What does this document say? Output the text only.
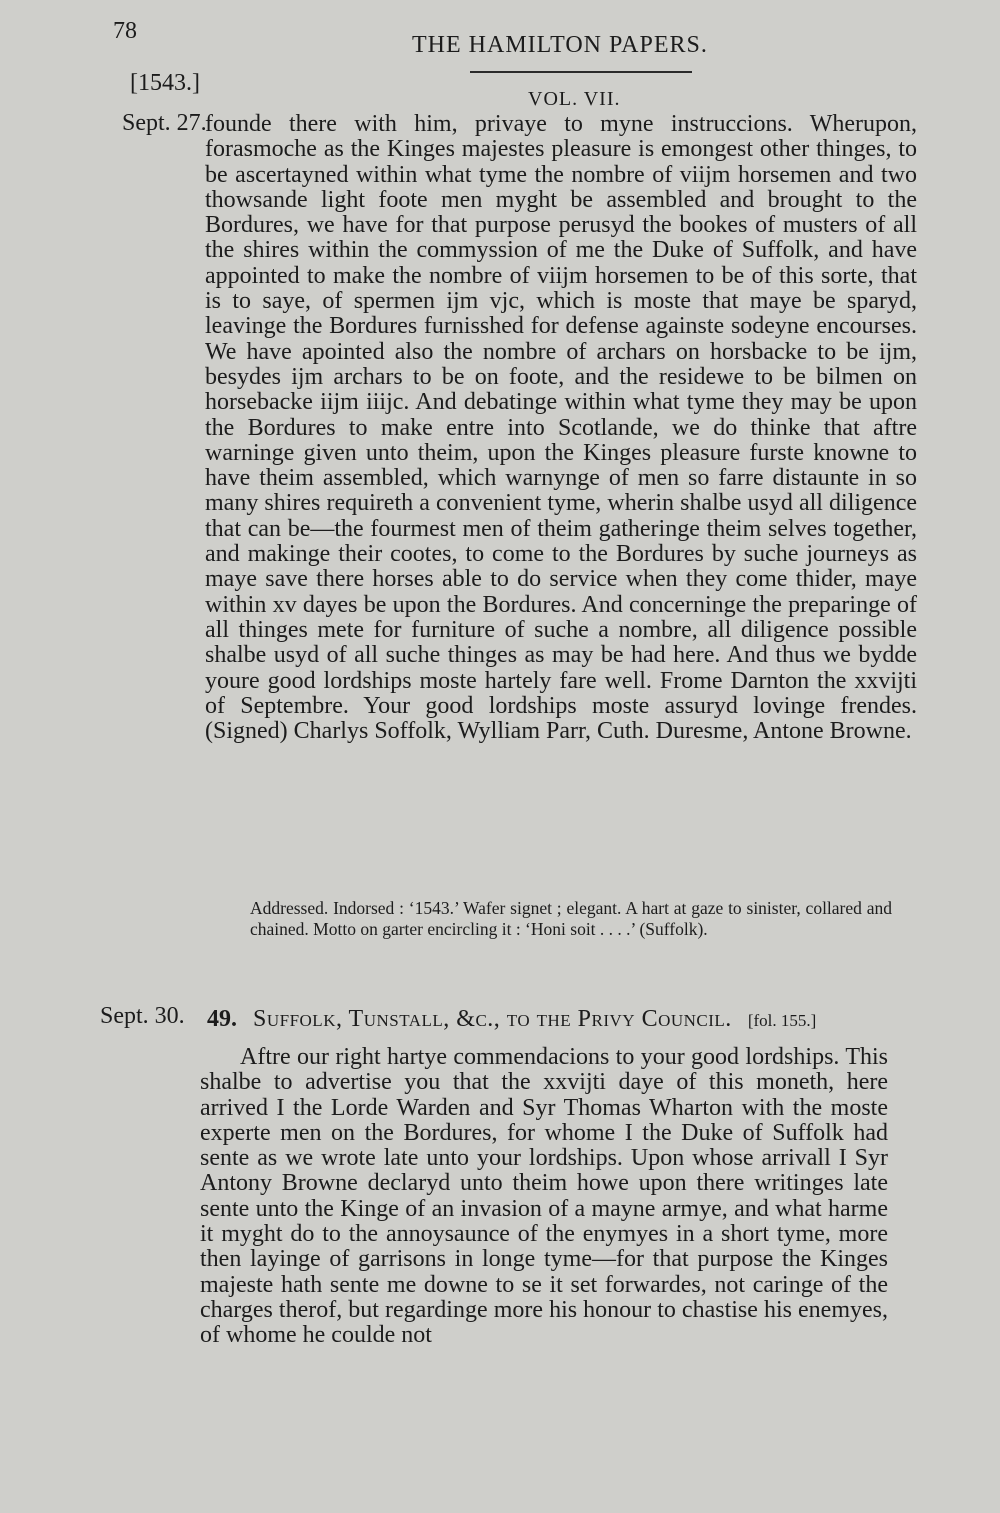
78
THE HAMILTON PAPERS.
[1543.]
VOL. VII.
Sept. 27.
founde there with him, privaye to myne instruccions. Wherupon, forasmoche as the Kinges majestes pleasure is emongest other thinges, to be ascertayned within what tyme the nombre of viijm horsemen and two thowsande light foote men myght be assembled and brought to the Bordures, we have for that purpose perusyd the bookes of musters of all the shires within the commyssion of me the Duke of Suffolk, and have appointed to make the nombre of viijm horsemen to be of this sorte, that is to saye, of spermen ijm vjc, which is moste that maye be sparyd, leavinge the Bordures furnisshed for defense againste sodeyne encourses. We have apointed also the nombre of archars on horsbacke to be ijm, besydes ijm archars to be on foote, and the residewe to be bilmen on horsebacke iijm iiijc. And debatinge within what tyme they may be upon the Bordures to make entre into Scotlande, we do thinke that aftre warninge given unto theim, upon the Kinges pleasure furste knowne to have theim assembled, which warnynge of men so farre distaunte in so many shires requireth a convenient tyme, wherin shalbe usyd all diligence that can be—the fourmest men of theim gatheringe theim selves together, and makinge their cootes, to come to the Bordures by suche journeys as maye save there horses able to do service when they come thider, maye within xv dayes be upon the Bordures. And concerninge the preparinge of all thinges mete for furniture of suche a nombre, all diligence possible shalbe usyd of all suche thinges as may be had here. And thus we bydde youre good lordships moste hartely fare well. Frome Darnton the xxvijti of Septembre. Your good lordships moste assuryd lovinge frendes. (Signed) Charlys Soffolk, Wylliam Parr, Cuth. Duresme, Antone Browne.
Addressed. Indorsed : ‘1543.’ Wafer signet ; elegant. A hart at gaze to sinister, collared and chained. Motto on garter encircling it : ‘Honi soit . . . .’ (Suffolk).
Sept. 30. 49. Suffolk, Tunstall, &c., to the Privy Council. [fol. 155.]
Aftre our right hartye commendacions to your good lordships. This shalbe to advertise you that the xxvijti daye of this moneth, here arrived I the Lorde Warden and Syr Thomas Wharton with the moste experte men on the Bordures, for whome I the Duke of Suffolk had sente as we wrote late unto your lordships. Upon whose arrivall I Syr Antony Browne declaryd unto theim howe upon there writinges late sente unto the Kinge of an invasion of a mayne armye, and what harme it myght do to the annoysaunce of the enymyes in a short tyme, more then layinge of garrisons in longe tyme—for that purpose the Kinges majeste hath sente me downe to se it set forwardes, not caringe of the charges therof, but regardinge more his honour to chastise his enemyes, of whome he coulde not
